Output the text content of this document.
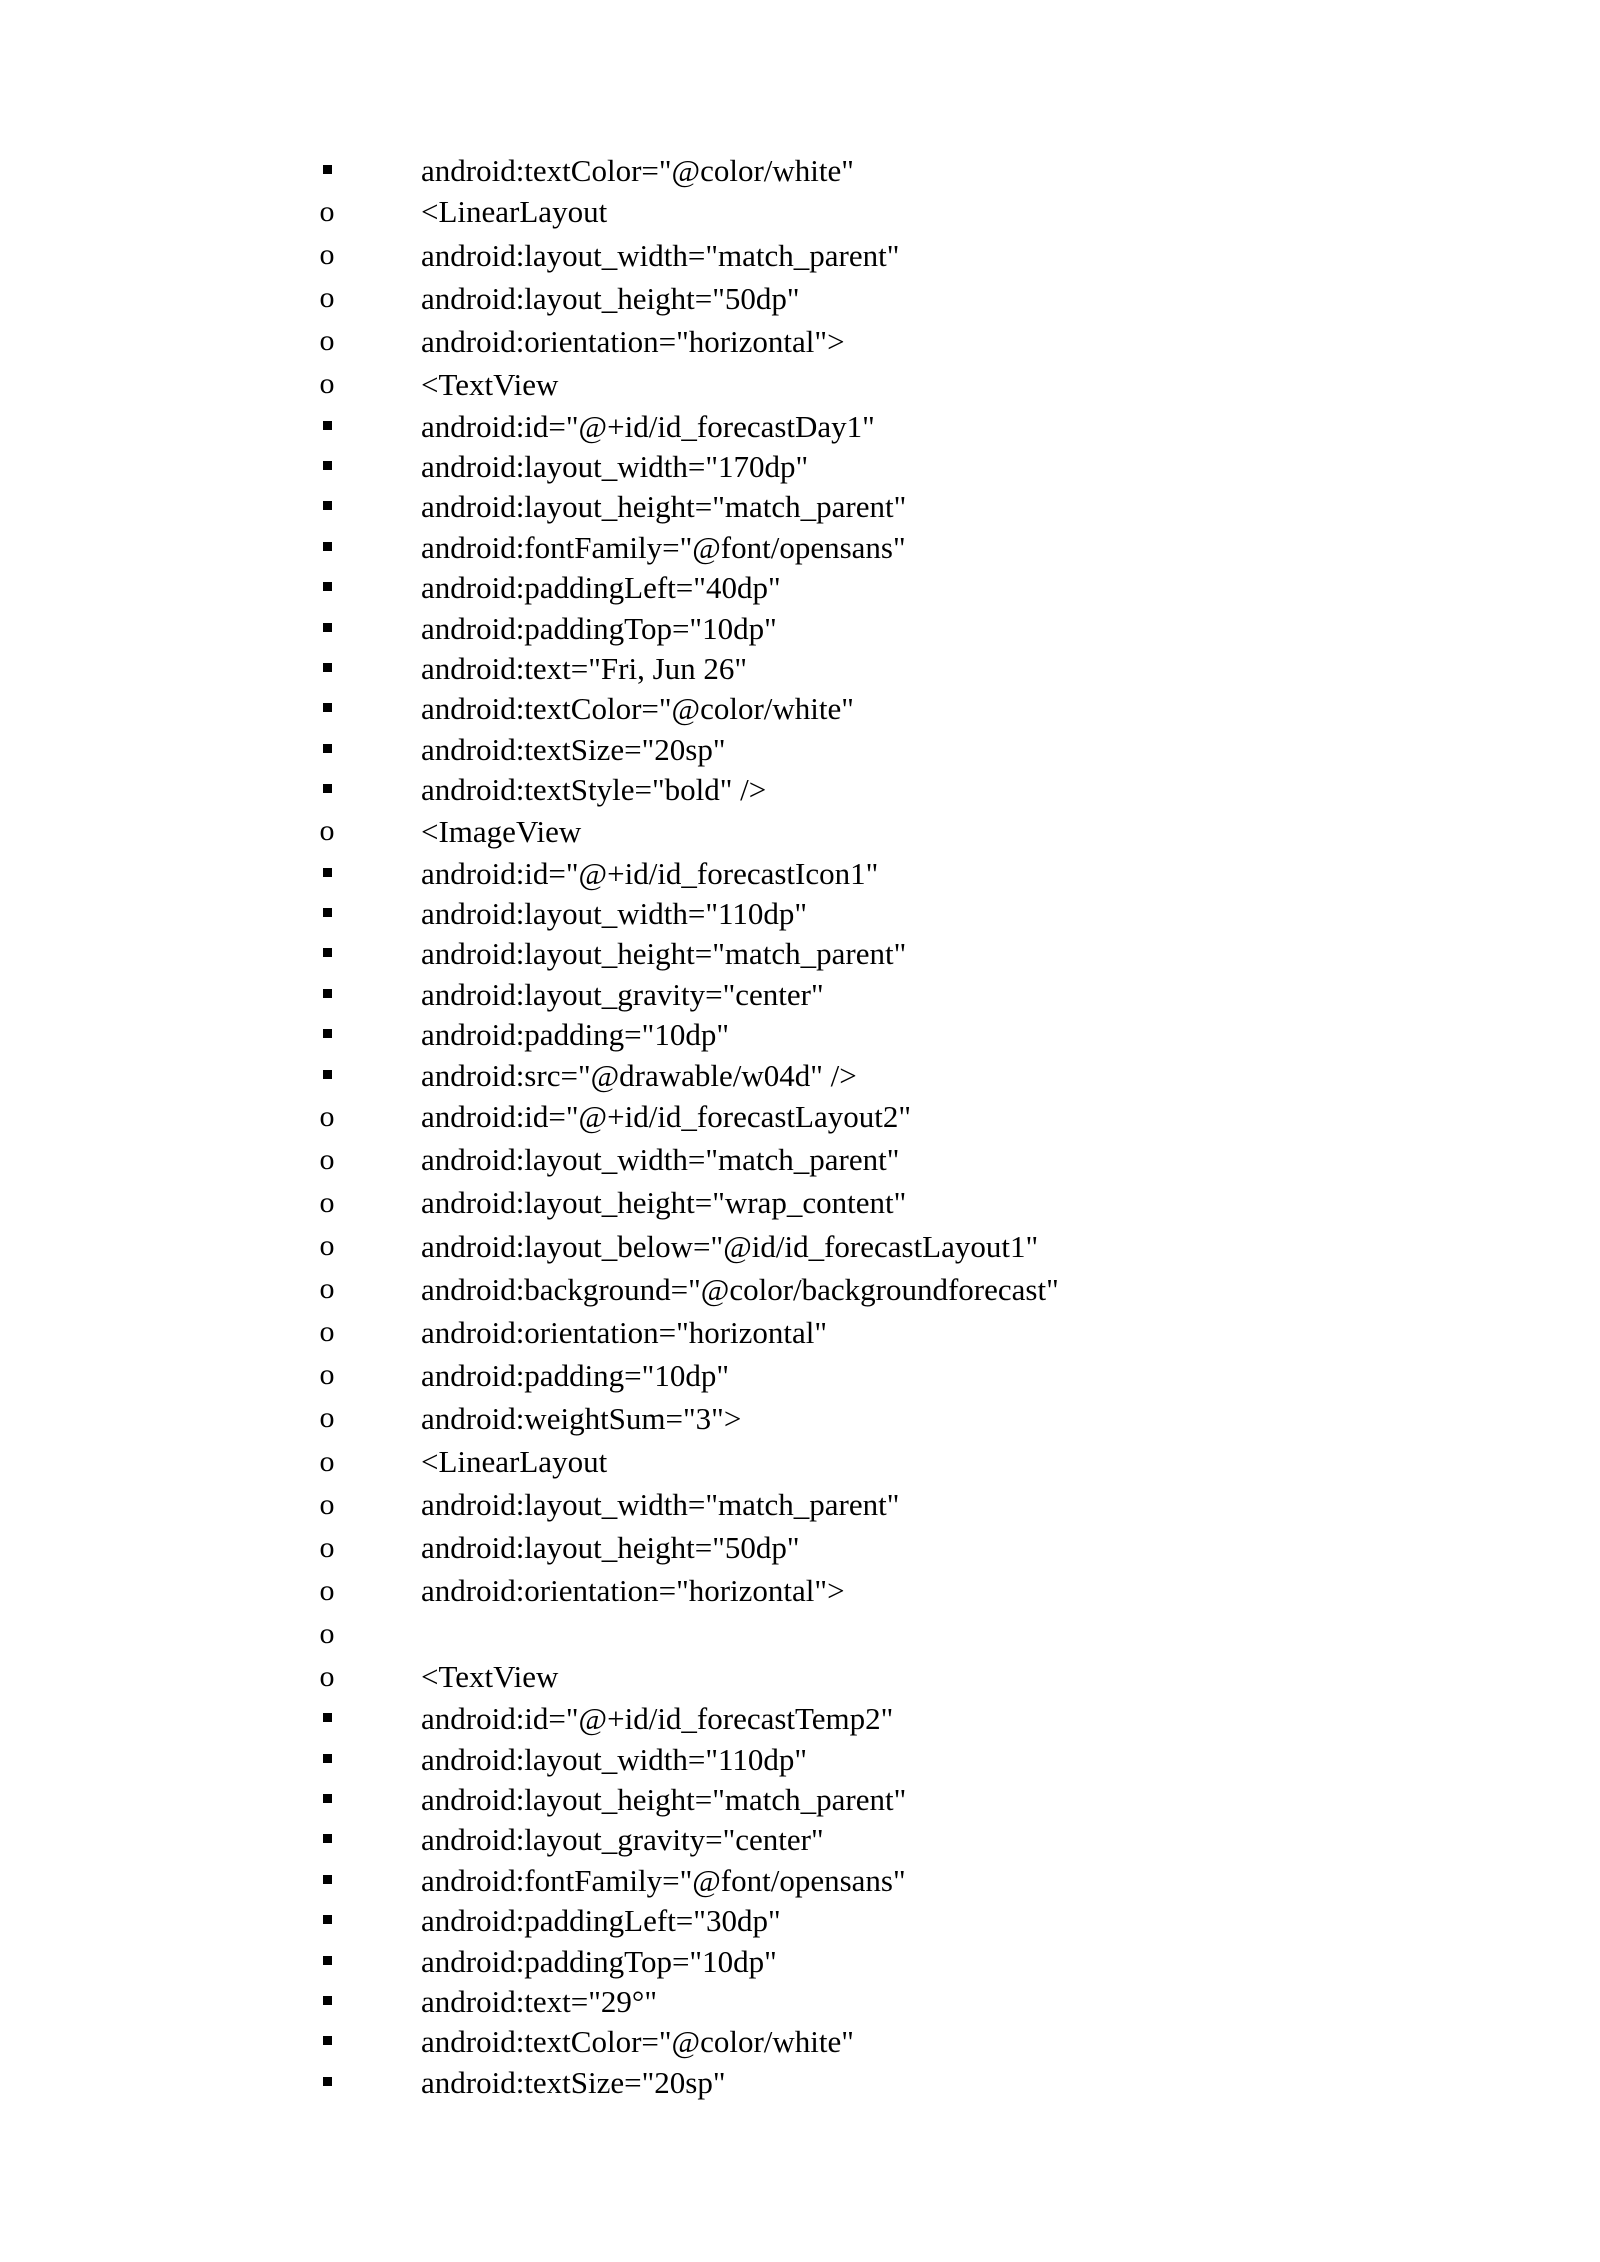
android:textColor="@color/white"
o	<LinearLayout
o	android:layout_width="match_parent"
o	android:layout_height="50dp"
o	android:orientation="horizontal">
o	<TextView
android:id="@+id/id_forecastDay1"
android:layout_width="170dp"
android:layout_height="match_parent"
android:fontFamily="@font/opensans"
android:paddingLeft="40dp"
android:paddingTop="10dp"
android:text="Fri, Jun 26"
android:textColor="@color/white"
android:textSize="20sp"
android:textStyle="bold" />
o	<ImageView
android:id="@+id/id_forecastIcon1"
android:layout_width="110dp"
android:layout_height="match_parent"
android:layout_gravity="center"
android:padding="10dp"
android:src="@drawable/w04d" />
o	android:id="@+id/id_forecastLayout2"
o	android:layout_width="match_parent"
o	android:layout_height="wrap_content"
o	android:layout_below="@id/id_forecastLayout1"
o	android:background="@color/backgroundforecast"
o	android:orientation="horizontal"
o	android:padding="10dp"
o	android:weightSum="3">
o	<LinearLayout
o	android:layout_width="match_parent"
o	android:layout_height="50dp"
o	android:orientation="horizontal">
o
o	<TextView
android:id="@+id/id_forecastTemp2"
android:layout_width="110dp"
android:layout_height="match_parent"
android:layout_gravity="center"
android:fontFamily="@font/opensans"
android:paddingLeft="30dp"
android:paddingTop="10dp"
android:text="29°"
android:textColor="@color/white"
android:textSize="20sp"
